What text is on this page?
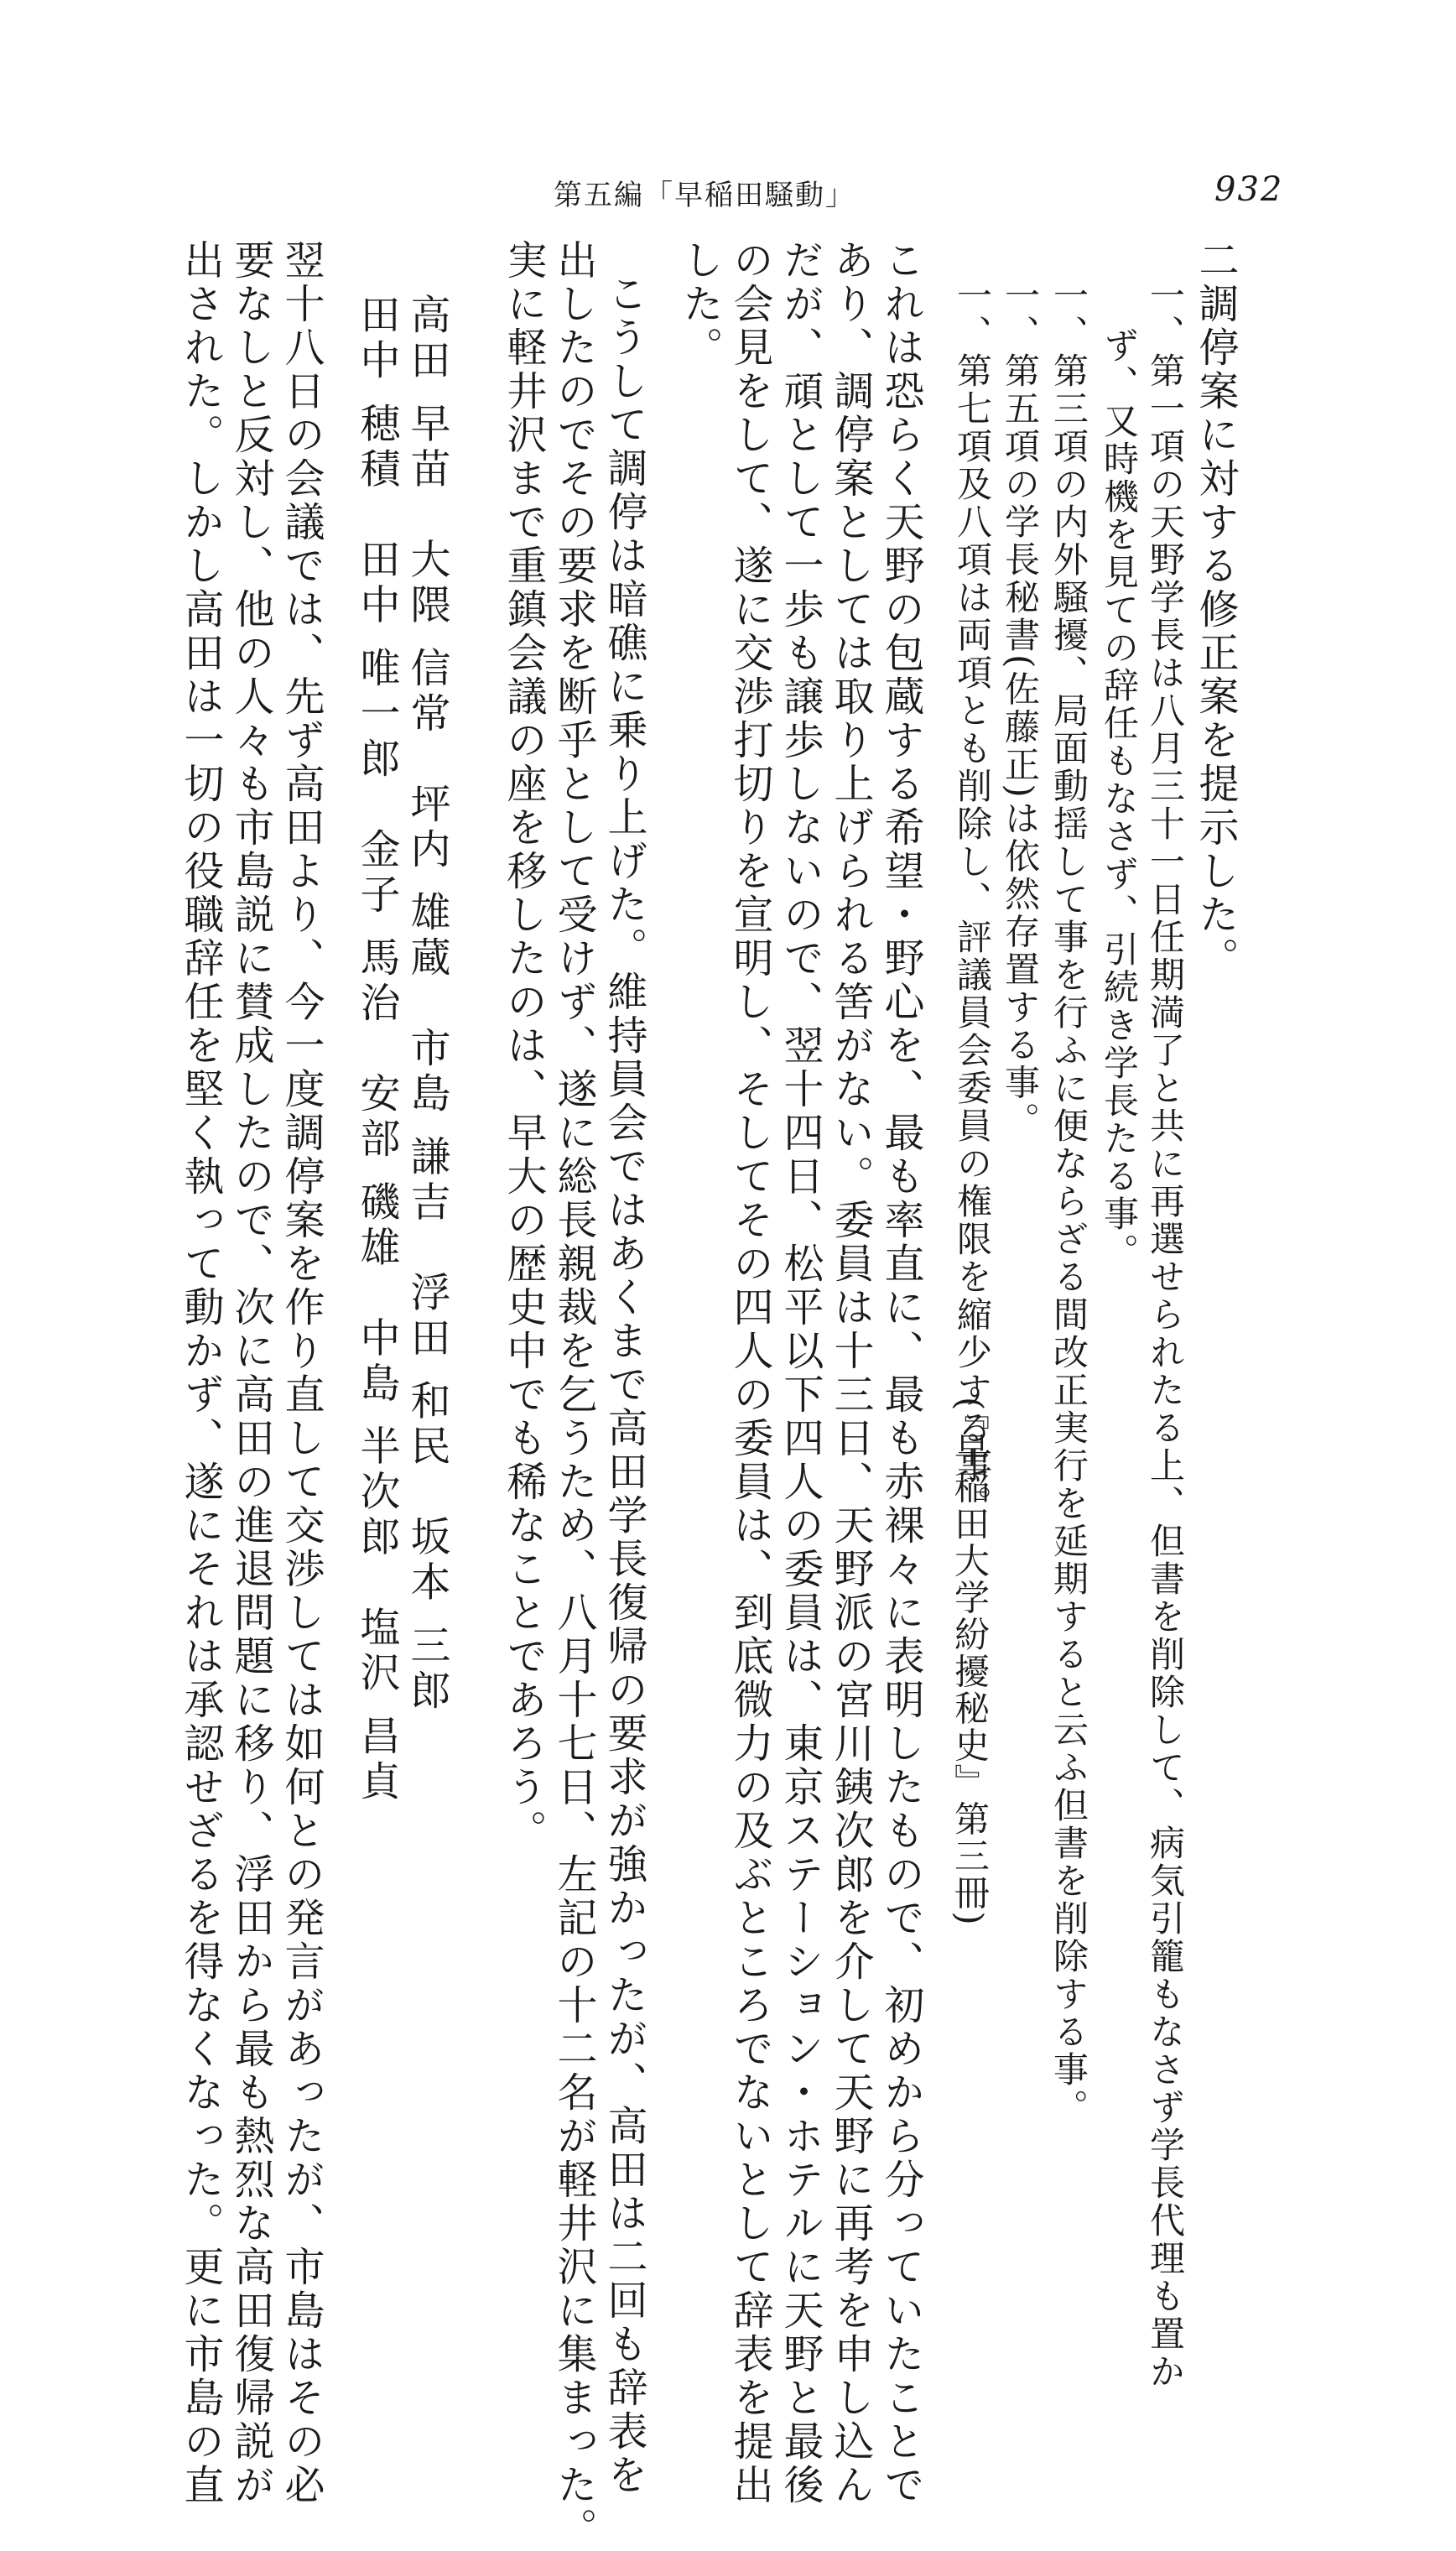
第五編「早稲田騒動」	932
二調停案に対する修正案を提示した。
一、第一項の天野学長は八月三十一日任期満了と共に再選せられたる上、但書を削除して、病気引籠もなさず学長代理も置か
ず、又時機を見ての辞任もなさず、引続き学長たる事。
一、第三項の内外騒擾、局面動揺して事を行ふに便ならざる間改正実行を延期すると云ふ但書を削除する事。
一、第五項の学長秘書(佐藤正)は依然存置する事。
一、第七項及八項は両項とも削除し、評議員会委員の権限を縮少する事。
(『早稲田大学紛擾秘史』第三冊)
これは恐らく天野の包蔵する希望・野心を、最も率直に、最も赤裸々に表明したもので、初めから分っていたことで
あり、調停案としては取り上げられる筈がない。委員は十三日、天野派の宮川銕次郎を介して天野に再考を申し込ん
だが、頑として一歩も譲歩しないので、翌十四日、松平以下四人の委員は、東京ステーション・ホテルに天野と最後
の会見をして、遂に交渉打切りを宣明し、そしてその四人の委員は、到底微力の及ぶところでないとして辞表を提出
した。
こうして調停は暗礁に乗り上げた。維持員会ではあくまで高田学長復帰の要求が強かったが、高田は二回も辞表を
出したのでその要求を断乎として受けず、遂に総長親裁を乞うため、八月十七日、左記の十二名が軽井沢に集まった。
実に軽井沢まで重鎮会議の座を移したのは、早大の歴史中でも稀なことであろう。
高田 早苗　大隈 信常　坪内 雄蔵　市島 謙吉　浮田 和民　坂本 三郎
田中 穂積　田中 唯一郎　金子 馬治　安部 磯雄　中島 半次郎　塩沢 昌貞
翌十八日の会議では、先ず高田より、今一度調停案を作り直して交渉しては如何との発言があったが、市島はその必
要なしと反対し、他の人々も市島説に賛成したので、次に高田の進退問題に移り、浮田から最も熱烈な高田復帰説が
出された。しかし高田は一切の役職辞任を堅く執って動かず、遂にそれは承認せざるを得なくなった。更に市島の直
